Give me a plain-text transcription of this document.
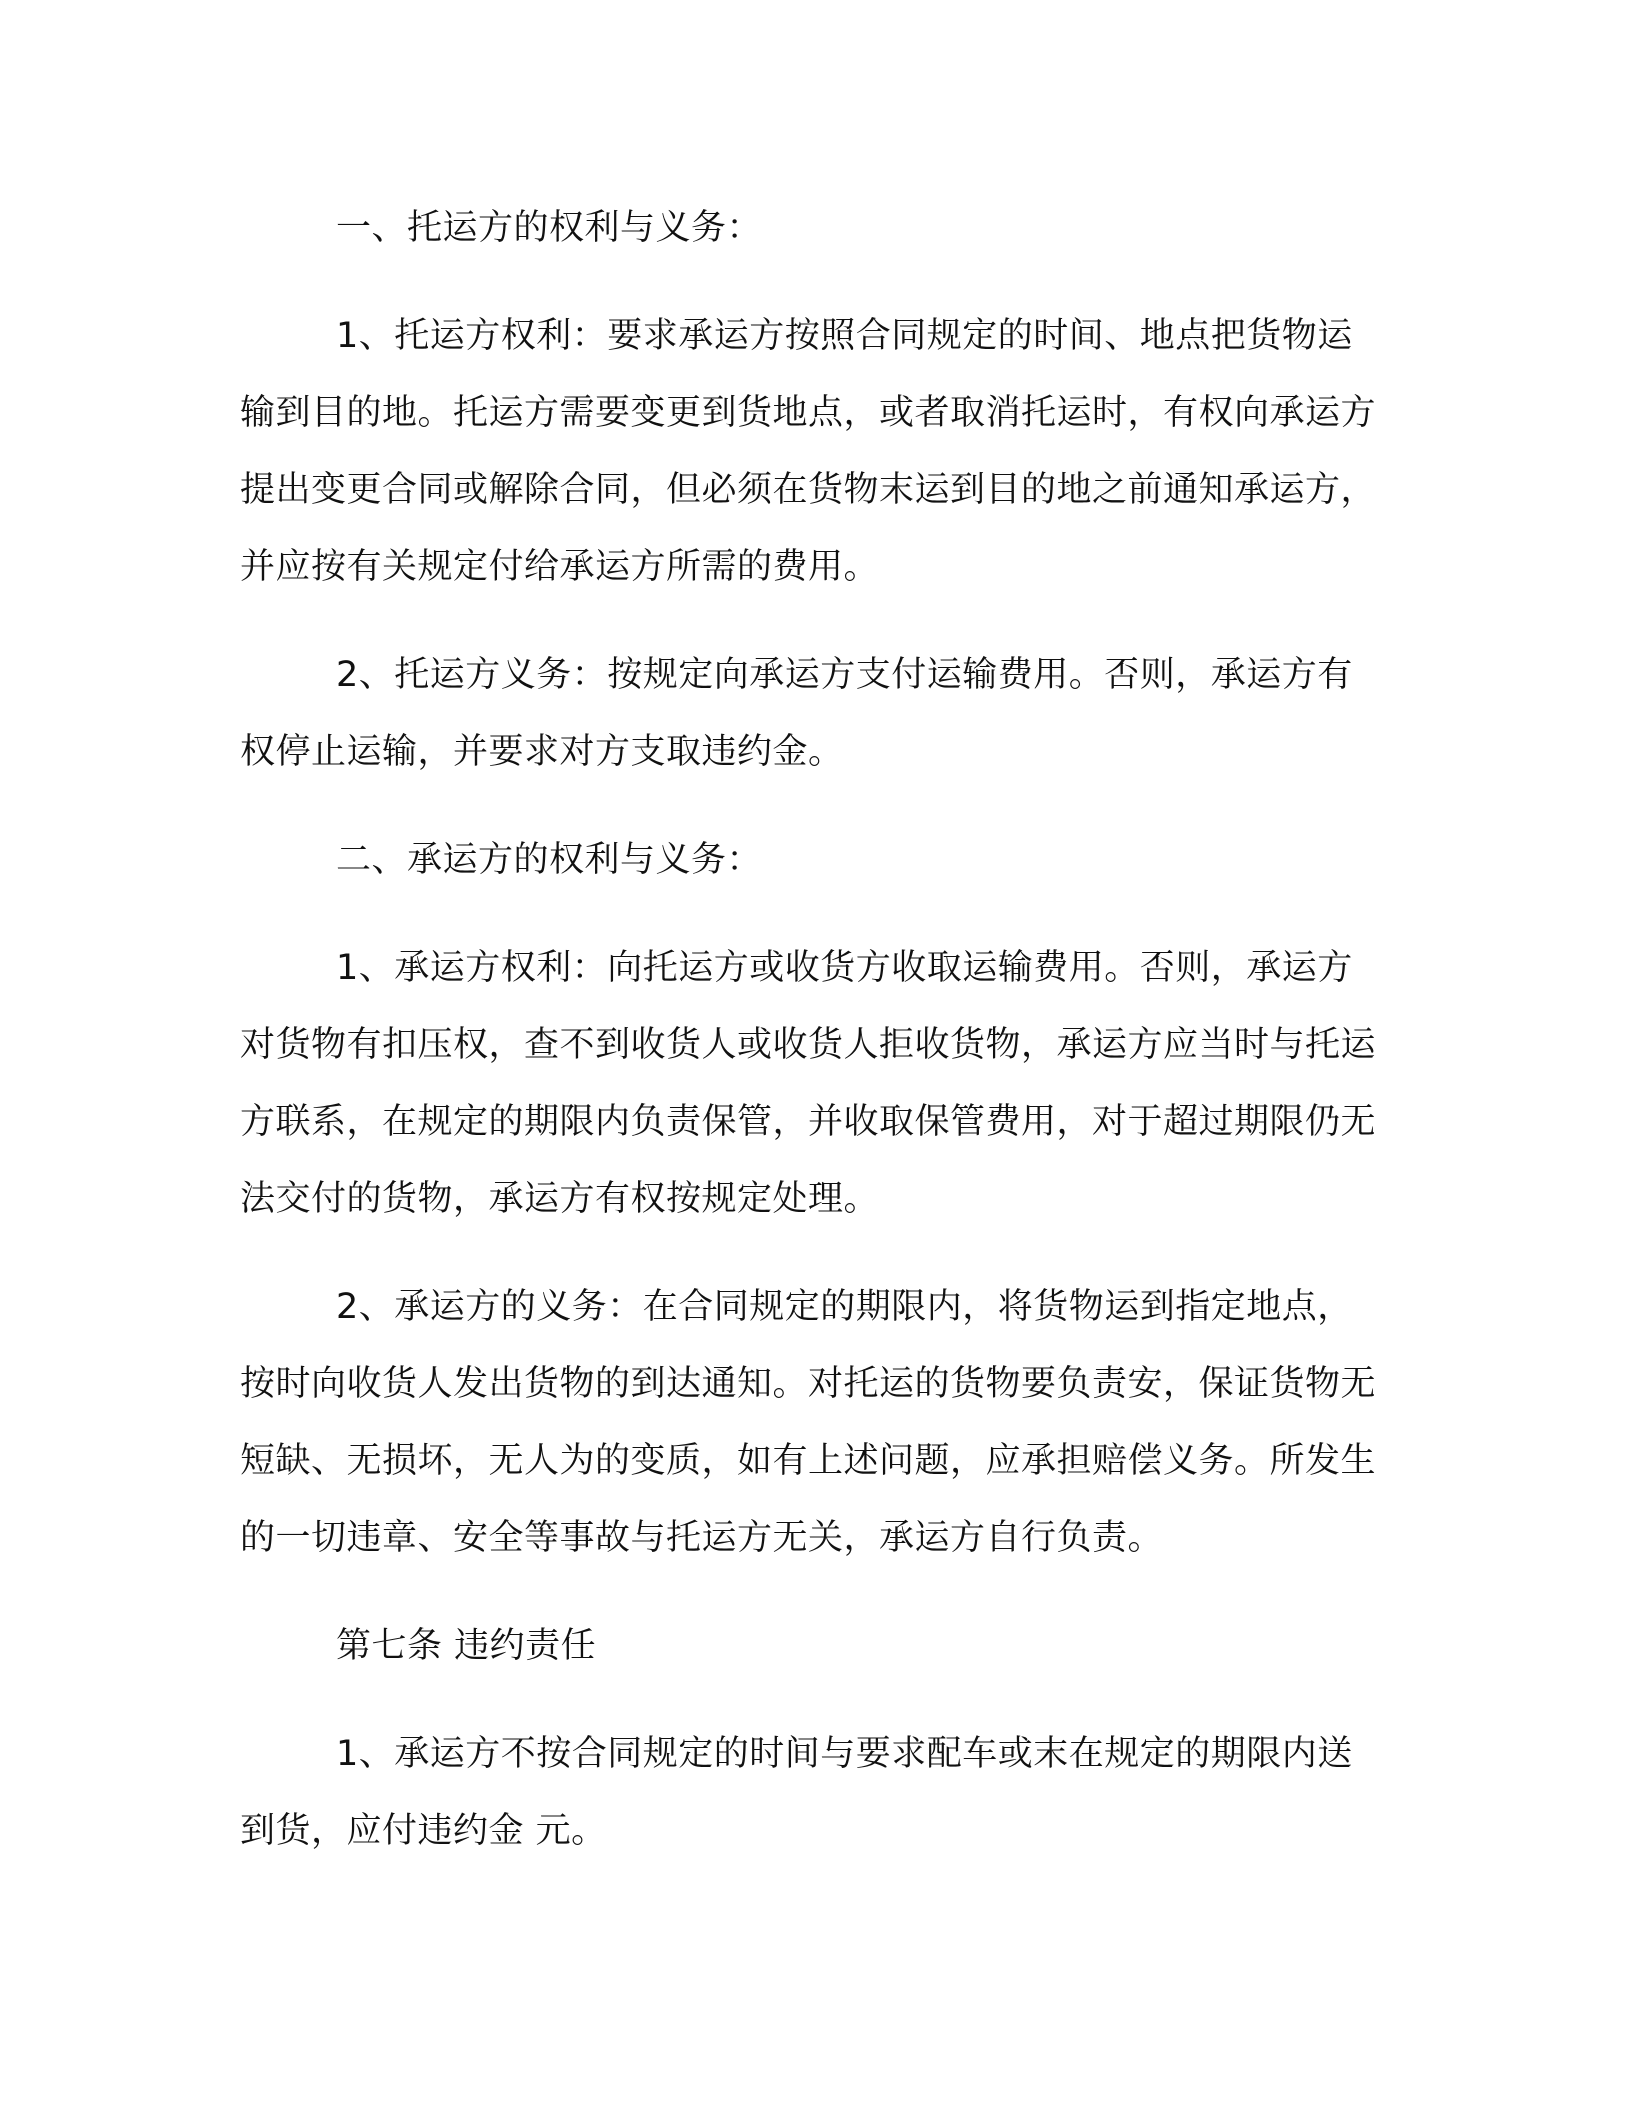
一、托运方的权利与义务：

1、托运方权利：要求承运方按照合同规定的时间、地点把货物运输到目的地。托运方需要变更到货地点，或者取消托运时，有权向承运方提出变更合同或解除合同，但必须在货物末运到目的地之前通知承运方，并应按有关规定付给承运方所需的费用。

2、托运方义务：按规定向承运方支付运输费用。否则，承运方有权停止运输，并要求对方支取违约金。

二、承运方的权利与义务：

1、承运方权利：向托运方或收货方收取运输费用。否则，承运方对货物有扣压权，查不到收货人或收货人拒收货物，承运方应当时与托运方联系，在规定的期限内负责保管，并收取保管费用，对于超过期限仍无法交付的货物，承运方有权按规定处理。

2、承运方的义务：在合同规定的期限内，将货物运到指定地点，按时向收货人发出货物的到达通知。对托运的货物要负责安，保证货物无短缺、无损坏，无人为的变质，如有上述问题，应承担赔偿义务。所发生的一切违章、安全等事故与托运方无关，承运方自行负责。

第七条 违约责任

1、承运方不按合同规定的时间与要求配车或末在规定的期限内送到货，应付违约金 元。
